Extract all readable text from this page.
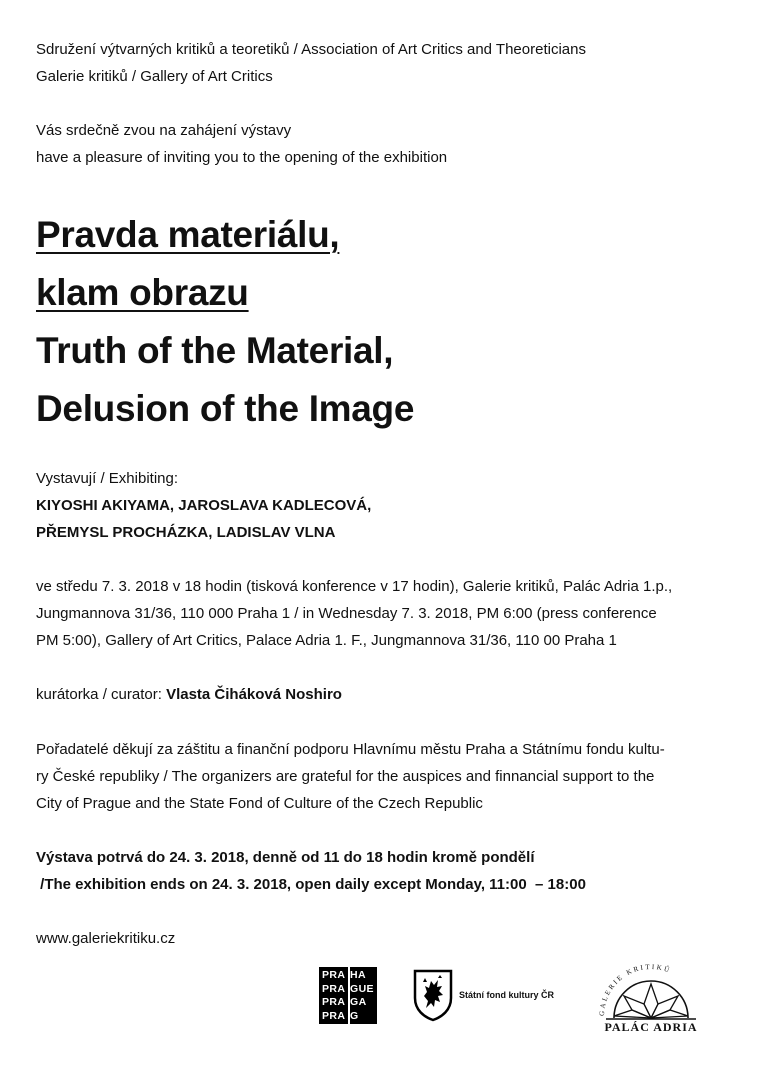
Sdružení výtvarných kritiků a teoretiků / Association of Art Critics and Theoreticians

Galerie kritiků / Gallery of Art Critics

Vás srdečně zvou na zahájení výstavy

have a pleasure of inviting you to the opening of the exhibition

Pravda materiálu,

klam obrazu

Truth of the Material,

Delusion of the Image

Vystavují / Exhibiting:

KIYOSHI AKIYAMA, JAROSLAVA KADLECOVÁ,

PŘEMYSL PROCHÁZKA, LADISLAV VLNA

ve středu 7. 3. 2018 v 18 hodin (tisková konference v 17 hodin), Galerie kritiků, Palác Adria 1.p.,

Jungmannova 31/36, 110 000 Praha 1 / in Wednesday 7. 3. 2018, PM 6:00 (press conference

PM 5:00), Gallery of Art Critics, Palace Adria 1. F., Jungmannova 31/36, 110 00 Praha 1

kurátorka / curator: Vlasta Čiháková Noshiro

Pořadatelé děkují za záštitu a finanční podporu Hlavnímu městu Praha a Státnímu fondu kultu-

ry České republiky / The organizers are grateful for the auspices and finnancial support to the

City of Prague and the State Fond of Culture of the Czech Republic

Výstava potrvá do 24. 3. 2018, denně od 11 do 18 hodin kromě pondělí

/The exhibition ends on 24. 3. 2018, open daily except Monday, 11:00  – 18:00

www.galeriekritiku.cz

PRA
PRA
PRA
PRA
HA
GUE
GA
G
Státní fond kultury ČR
GALERIE KRITIKŮ
PALÁC ADRIA
